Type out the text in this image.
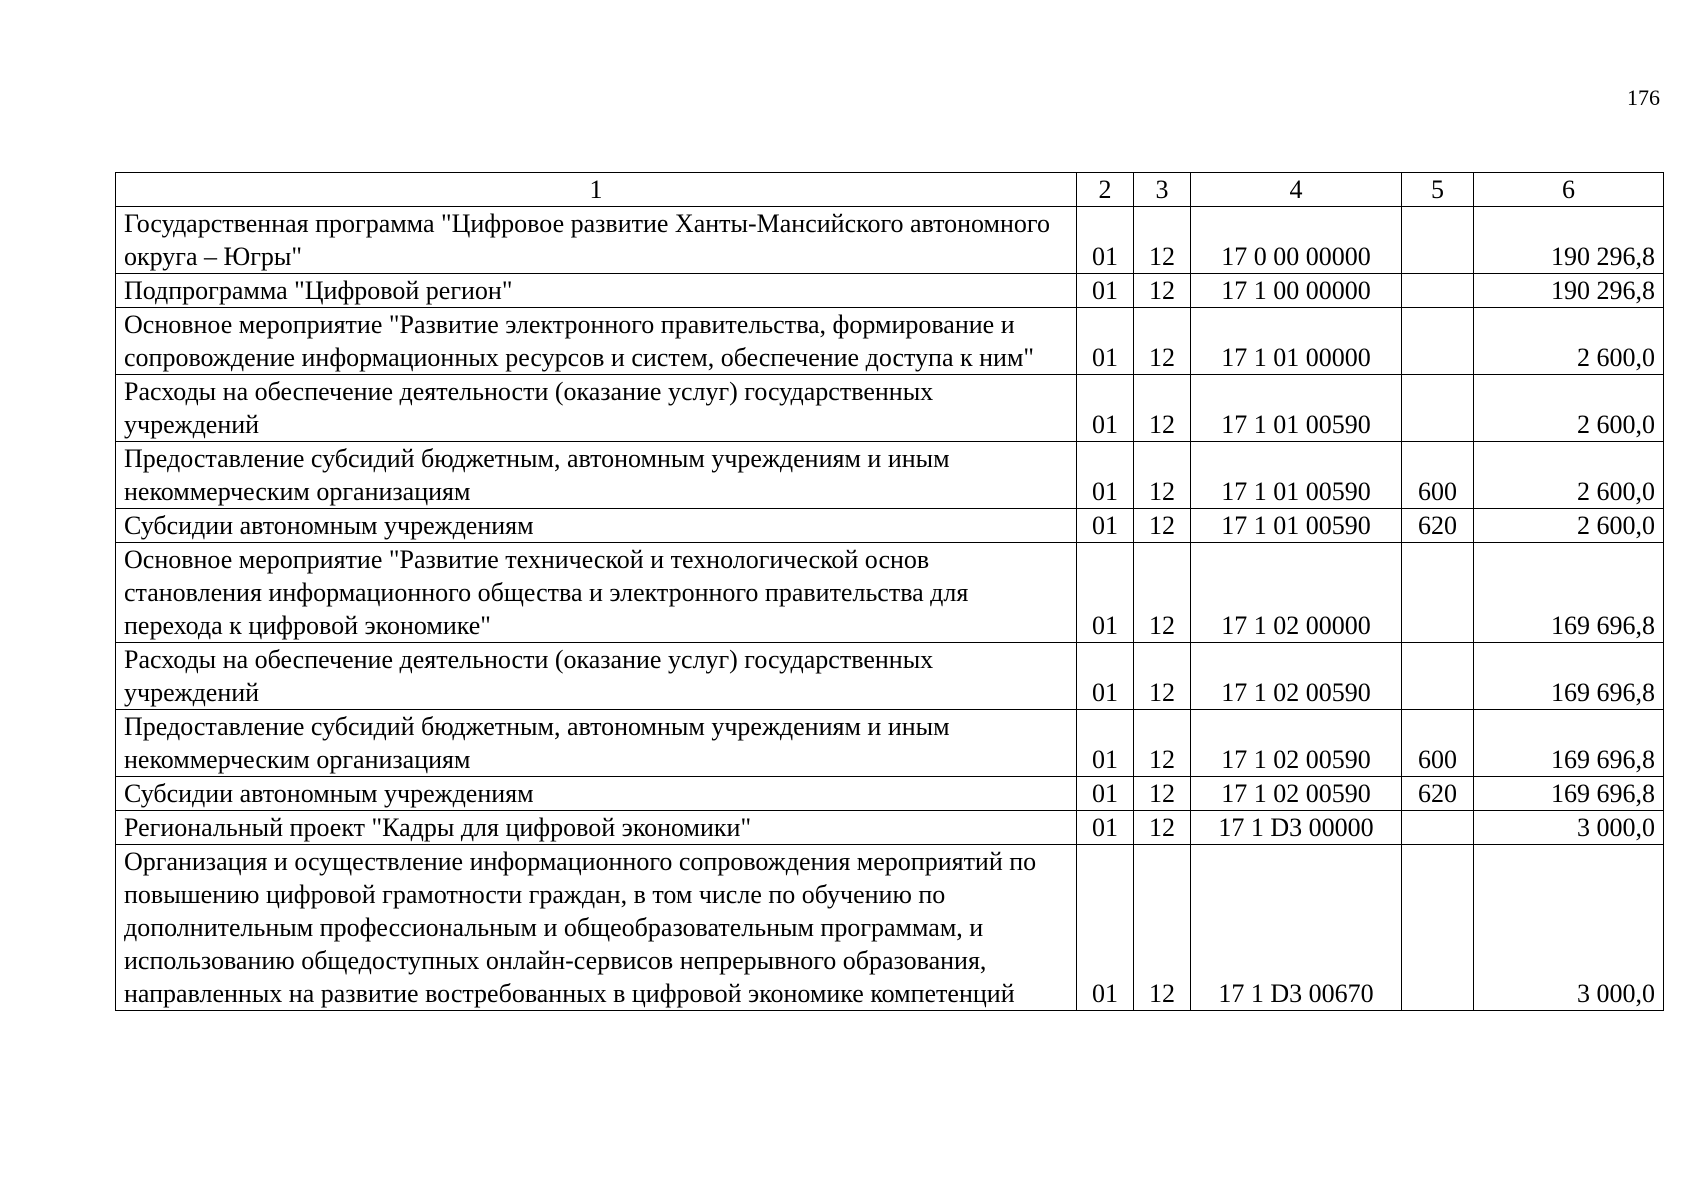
176
1	2	3	4	5	6
Государственная программа "Цифровое развитие Ханты-Мансийского автономного округа – Югры"	01	12	17 0 00 00000		190 296,8
Подпрограмма "Цифровой регион"	01	12	17 1 00 00000		190 296,8
Основное мероприятие "Развитие электронного правительства, формирование и сопровождение информационных ресурсов и систем, обеспечение доступа к ним"	01	12	17 1 01 00000		2 600,0
Расходы на обеспечение деятельности (оказание услуг) государственных учреждений	01	12	17 1 01 00590		2 600,0
Предоставление субсидий бюджетным, автономным учреждениям и иным некоммерческим организациям	01	12	17 1 01 00590	600	2 600,0
Субсидии автономным учреждениям	01	12	17 1 01 00590	620	2 600,0
Основное мероприятие "Развитие технической и технологической основ становления информационного общества и электронного правительства для перехода к цифровой экономике"	01	12	17 1 02 00000		169 696,8
Расходы на обеспечение деятельности (оказание услуг) государственных учреждений	01	12	17 1 02 00590		169 696,8
Предоставление субсидий бюджетным, автономным учреждениям и иным некоммерческим организациям	01	12	17 1 02 00590	600	169 696,8
Субсидии автономным учреждениям	01	12	17 1 02 00590	620	169 696,8
Региональный проект "Кадры для цифровой экономики"	01	12	17 1 D3 00000		3 000,0
Организация и осуществление информационного сопровождения мероприятий по повышению цифровой грамотности граждан, в том числе по обучению по дополнительным профессиональным и общеобразовательным программам, и использованию общедоступных онлайн-сервисов непрерывного образования, направленных на развитие востребованных в цифровой экономике компетенций	01	12	17 1 D3 00670		3 000,0
